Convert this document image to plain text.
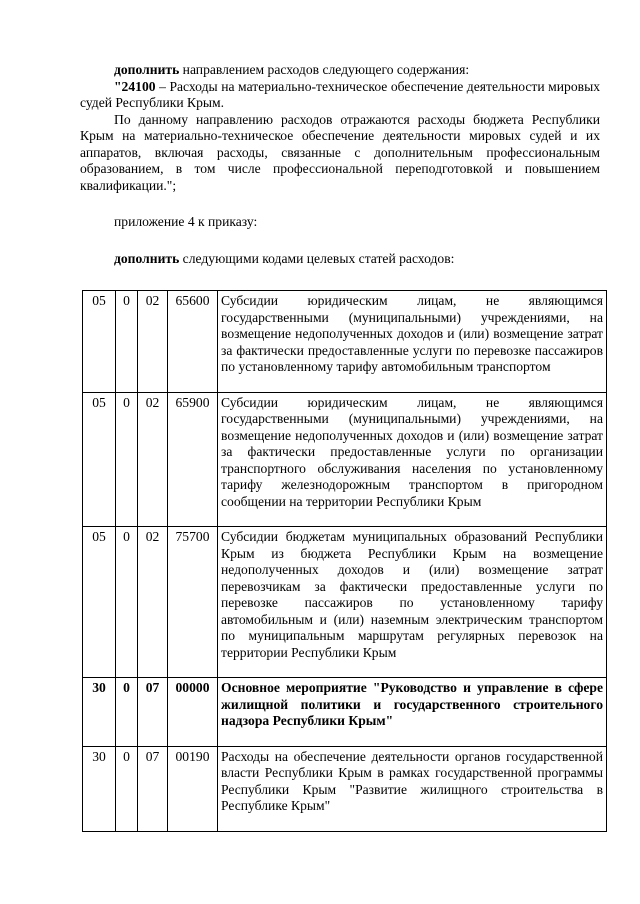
дополнить направлением расходов следующего содержания:

"24100 – Расходы на материально-техническое обеспечение деятельности мировых судей Республики Крым.

По данному направлению расходов отражаются расходы бюджета Республики Крым на материально-техническое обеспечение деятельности мировых судей и их аппаратов, включая расходы, связанные с дополнительным профессиональным образованием, в том числе профессиональной переподготовкой и повышением квалификации.";

приложение 4 к приказу:

дополнить следующими кодами целевых статей расходов:

05	0	02	65600	Субсидии юридическим лицам, не являющимся государственными (муниципальными) учреждениями, на возмещение недополученных доходов и (или) возмещение затрат за фактически предоставленные услуги по перевозке пассажиров по установленному тарифу автомобильным транспортом
05	0	02	65900	Субсидии юридическим лицам, не являющимся государственными (муниципальными) учреждениями, на возмещение недополученных доходов и (или) возмещение затрат за фактически предоставленные услуги по организации транспортного обслуживания населения по установленному тарифу железнодорожным транспортом в пригородном сообщении на территории Республики Крым
05	0	02	75700	Субсидии бюджетам муниципальных образований Республики Крым из бюджета Республики Крым на возмещение недополученных доходов и (или) возмещение затрат перевозчикам за фактически предоставленные услуги по перевозке пассажиров по установленному тарифу автомобильным и (или) наземным электрическим транспортом по муниципальным маршрутам регулярных перевозок на территории Республики Крым
30	0	07	00000	Основное мероприятие "Руководство и управление в сфере жилищной политики и государственного строительного надзора Республики Крым"
30	0	07	00190	Расходы на обеспечение деятельности органов государственной власти Республики Крым в рамках государственной программы Республики Крым "Развитие жилищного строительства в Республике Крым"
